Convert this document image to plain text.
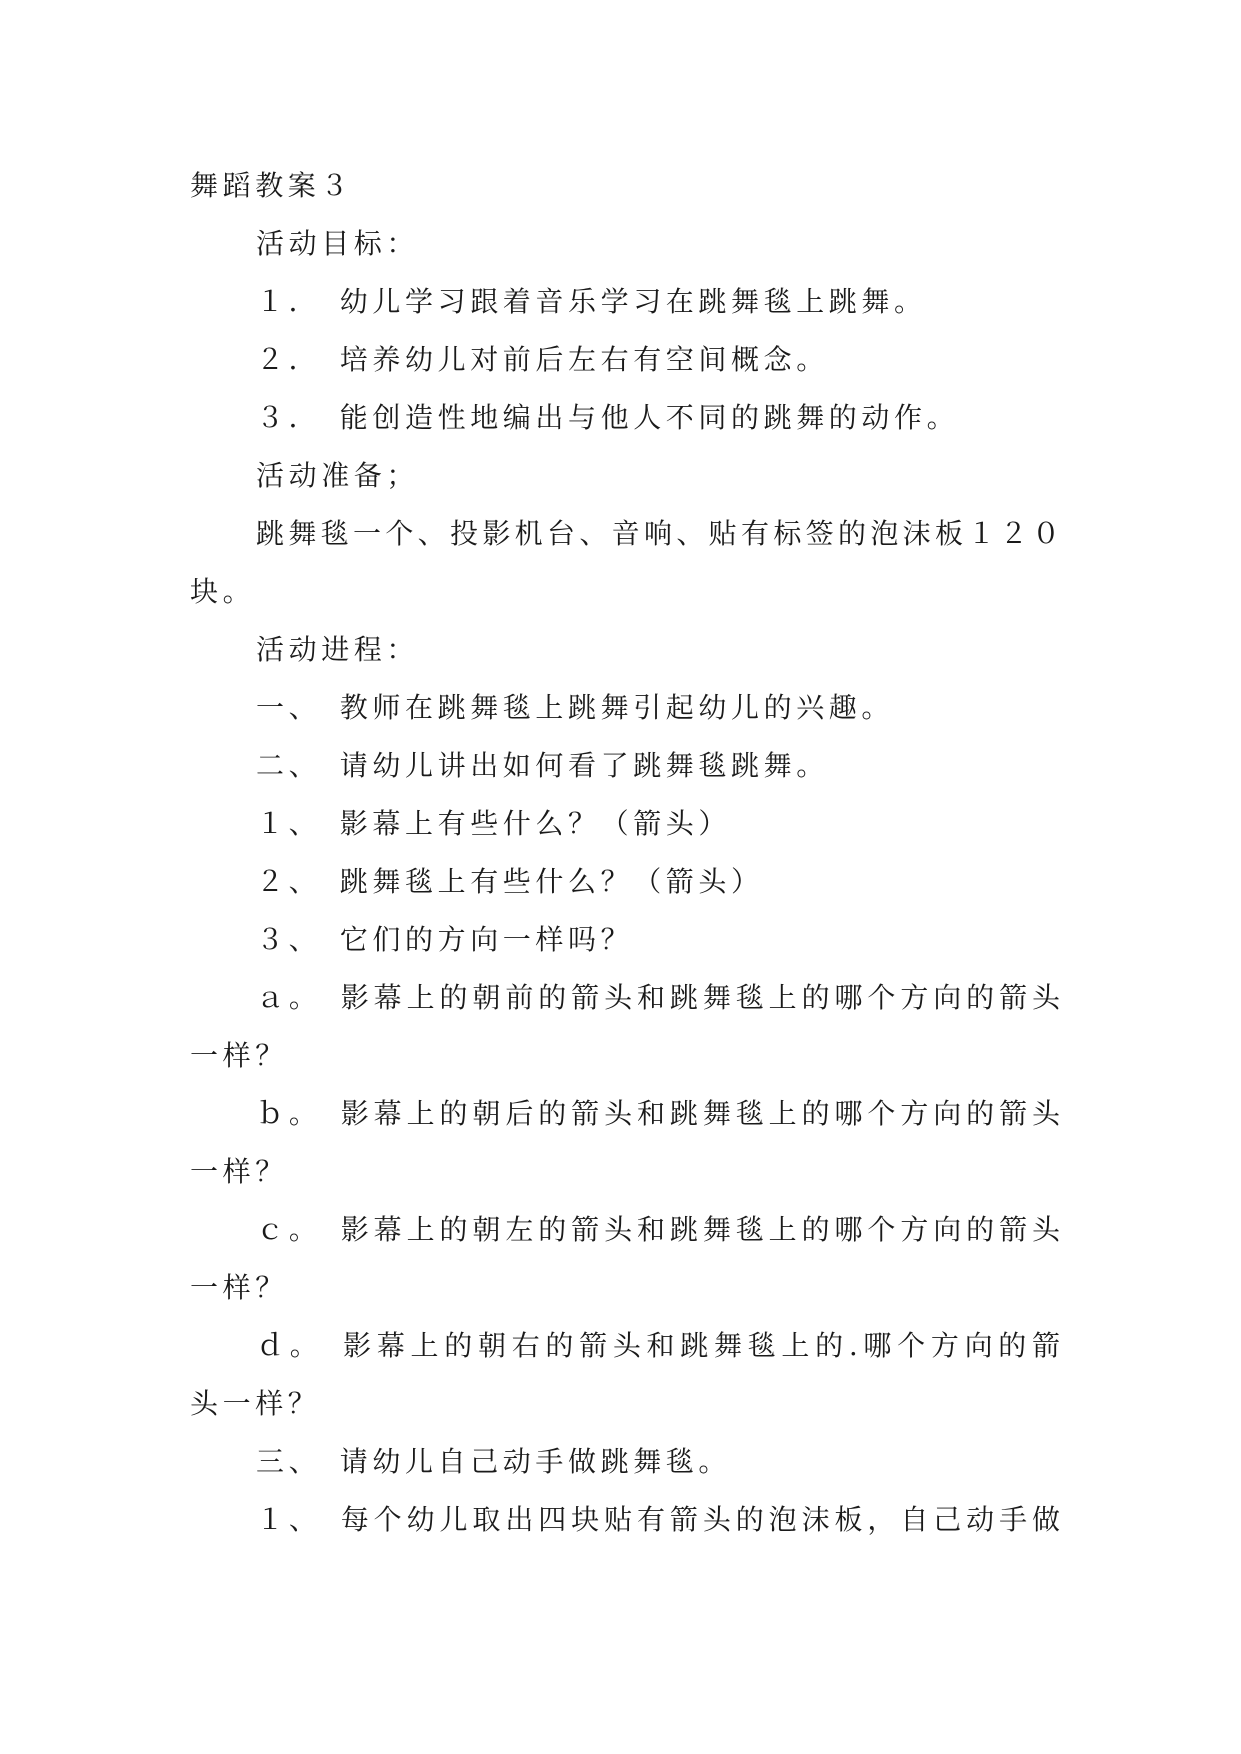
舞蹈教案３
活动目标：
１．　幼儿学习跟着音乐学习在跳舞毯上跳舞。
２．　培养幼儿对前后左右有空间概念。
３．　能创造性地编出与他人不同的跳舞的动作。
活动准备；
跳舞毯一个、投影机台、音响、贴有标签的泡沫板１２０
块。
活动进程：
一、　教师在跳舞毯上跳舞引起幼儿的兴趣。
二、　请幼儿讲出如何看了跳舞毯跳舞。
１、　影幕上有些什么？（箭头）
２、　跳舞毯上有些什么？（箭头）
３、　它们的方向一样吗？
ａ。　影幕上的朝前的箭头和跳舞毯上的哪个方向的箭头
一样？
ｂ。　影幕上的朝后的箭头和跳舞毯上的哪个方向的箭头
一样？
ｃ。　影幕上的朝左的箭头和跳舞毯上的哪个方向的箭头
一样？
ｄ。　影幕上的朝右的箭头和跳舞毯上的.哪个方向的箭
头一样？
三、　请幼儿自己动手做跳舞毯。
１、　每个幼儿取出四块贴有箭头的泡沫板，自己动手做
